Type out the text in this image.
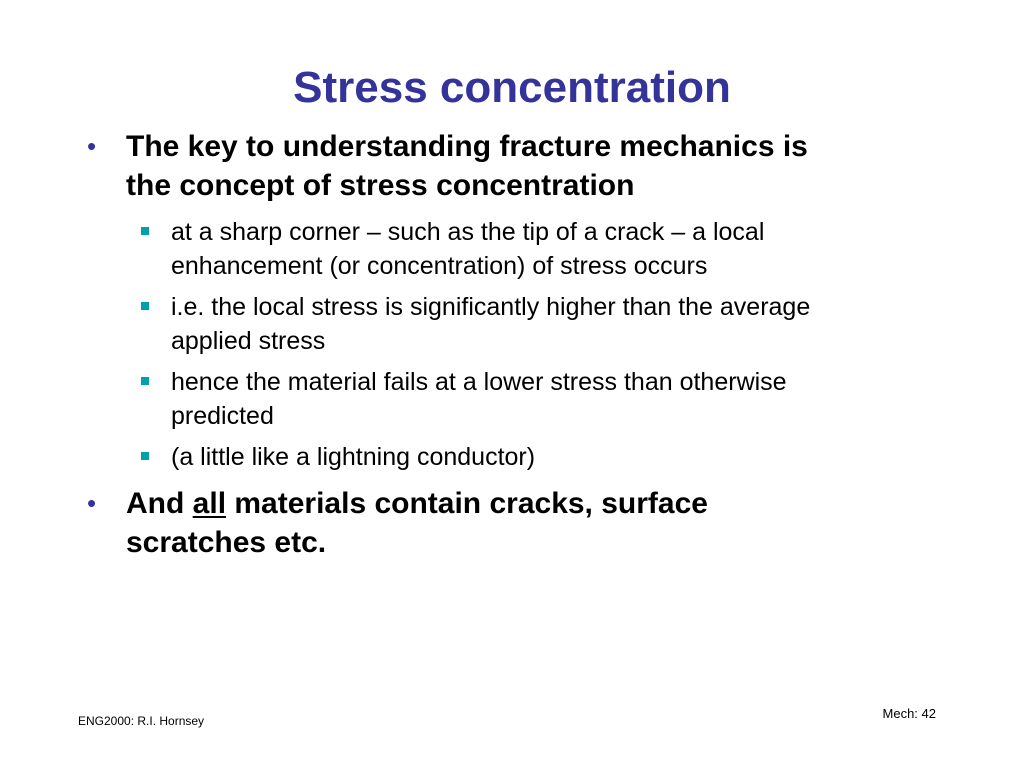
Stress concentration
• The key to understanding fracture mechanics is
the concept of stress concentration
at a sharp corner – such as the tip of a crack – a local
enhancement (or concentration) of stress occurs
i.e. the local stress is significantly higher than the average
applied stress
hence the material fails at a lower stress than otherwise
predicted
(a little like a lightning conductor)
• And all materials contain cracks, surface
scratches etc.
ENG2000: R.I. Hornsey	Mech: 42
